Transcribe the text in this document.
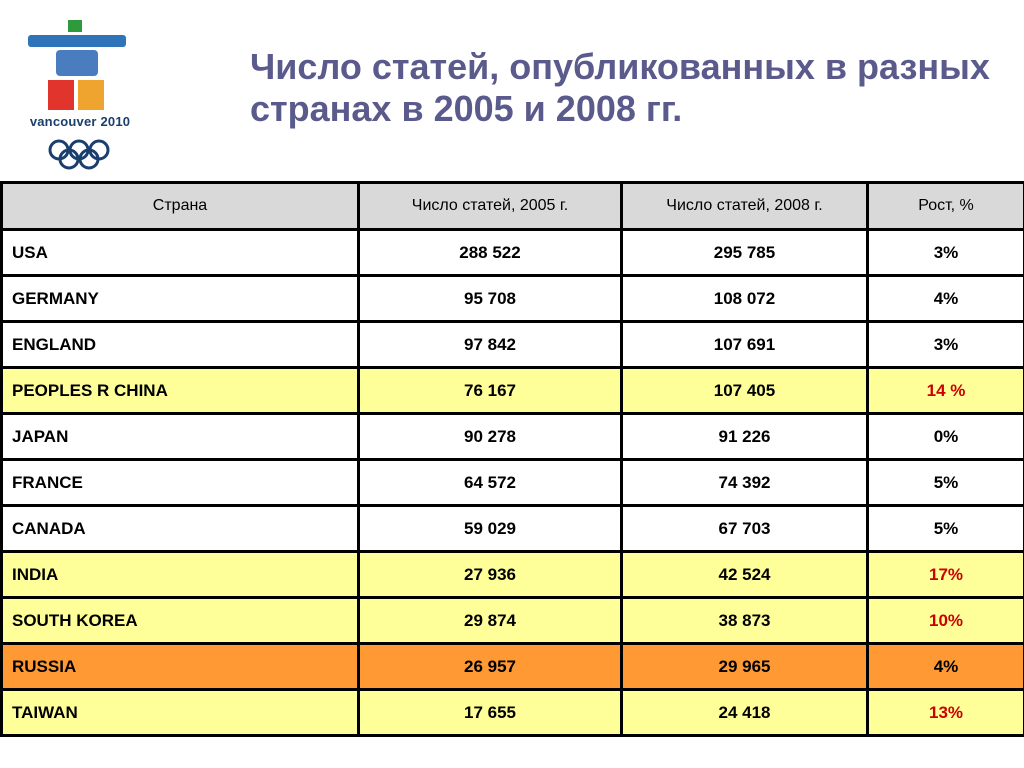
vancouver 2010
Число статей, опубликованных в разных странах в 2005 и 2008 гг.
Страна	Число статей, 2005 г.	Число статей, 2008 г.	Рост, %
USA	288 522	295 785	3%
GERMANY	95 708	108 072	4%
ENGLAND	97 842	107 691	3%
PEOPLES R CHINA	76 167	107 405	14 %
JAPAN	90 278	91 226	0%
FRANCE	64 572	74 392	5%
CANADA	59 029	67 703	5%
INDIA	27 936	42 524	17%
SOUTH KOREA	29 874	38 873	10%
RUSSIA	26 957	29 965	4%
TAIWAN	17 655	24 418	13%
